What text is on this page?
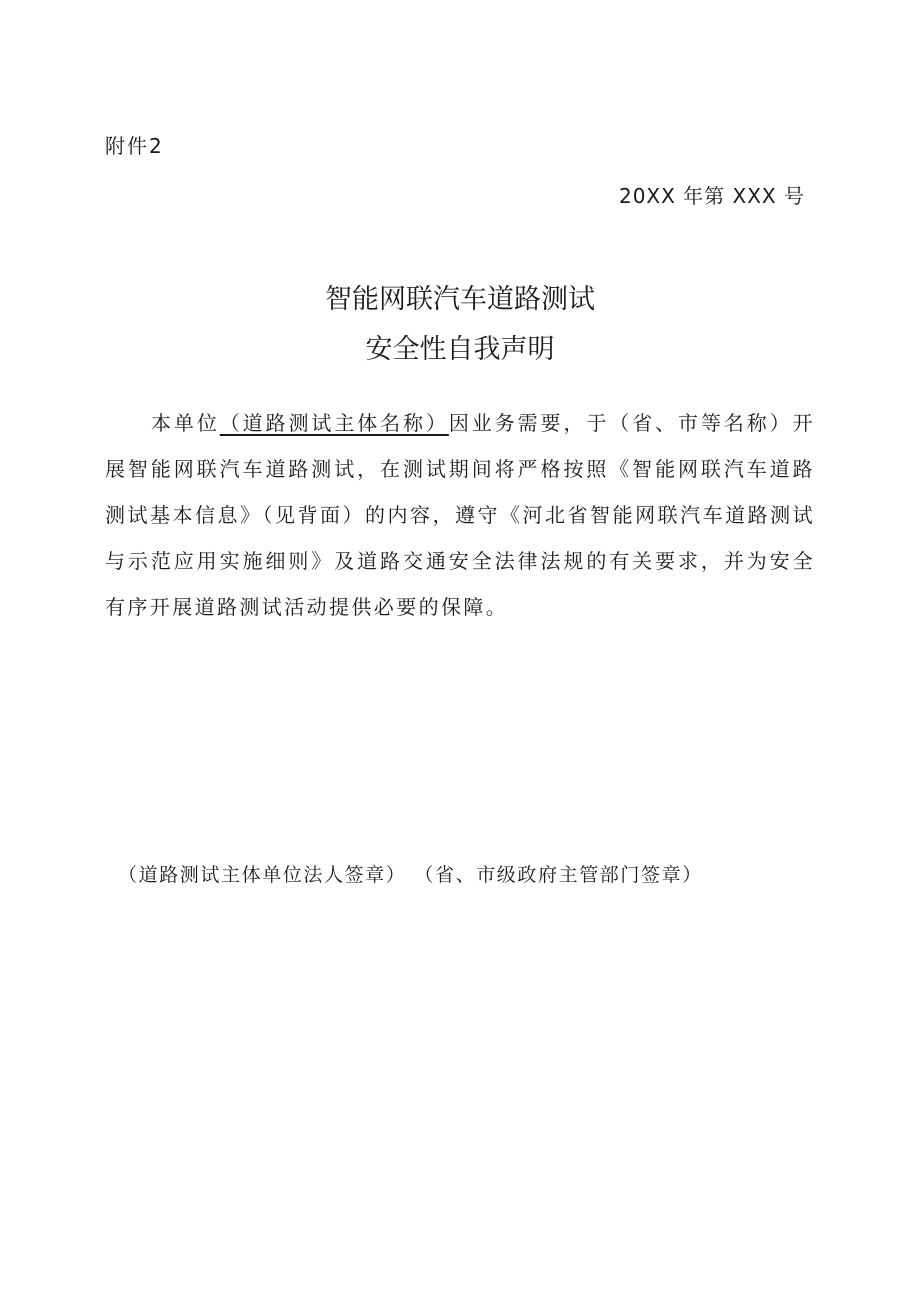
附件2
20XX 年第 XXX 号
智能网联汽车道路测试
安全性自我声明

本单位（道路测试主体名称）因业务需要，于（省、市等名称）开展智能网联汽车道路测试，在测试期间将严格按照《智能网联汽车道路测试基本信息》（见背面）的内容，遵守《河北省智能网联汽车道路测试与示范应用实施细则》及道路交通安全法律法规的有关要求，并为安全有序开展道路测试活动提供必要的保障。

（道路测试主体单位法人签章） （省、市级政府主管部门签章）
